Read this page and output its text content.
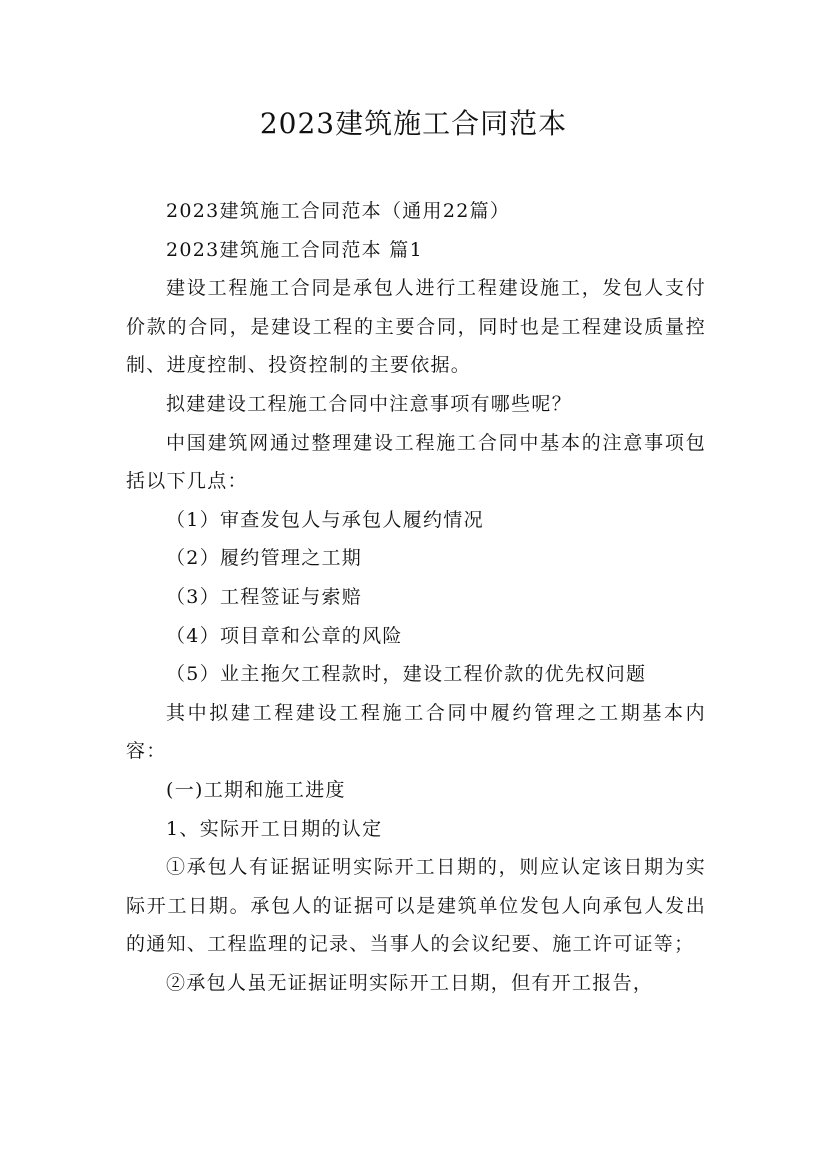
2023建筑施工合同范本

2023建筑施工合同范本（通用22篇）

2023建筑施工合同范本 篇1

建设工程施工合同是承包人进行工程建设施工，发包人支付价款的合同，是建设工程的主要合同，同时也是工程建设质量控制、进度控制、投资控制的主要依据。

拟建建设工程施工合同中注意事项有哪些呢？

中国建筑网通过整理建设工程施工合同中基本的注意事项包括以下几点：

（1）审查发包人与承包人履约情况

（2）履约管理之工期

（3）工程签证与索赔

（4）项目章和公章的风险

（5）业主拖欠工程款时，建设工程价款的优先权问题

其中拟建工程建设工程施工合同中履约管理之工期基本内容：

(一)工期和施工进度

1、实际开工日期的认定

①承包人有证据证明实际开工日期的，则应认定该日期为实际开工日期。承包人的证据可以是建筑单位发包人向承包人发出的通知、工程监理的记录、当事人的会议纪要、施工许可证等；

②承包人虽无证据证明实际开工日期，但有开工报告，
